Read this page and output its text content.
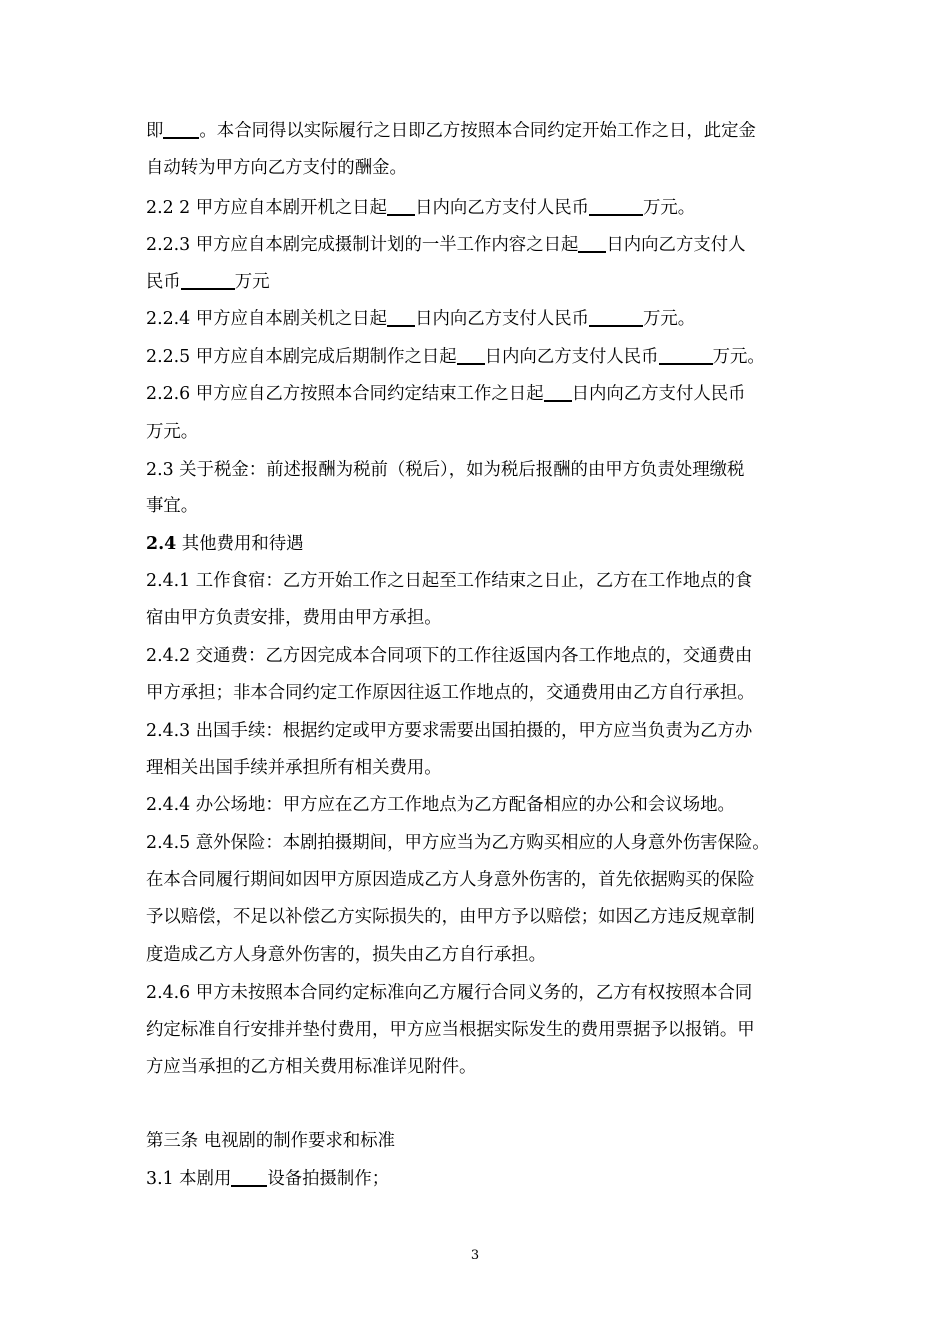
即 。本合同得以实际履行之日即乙方按照本合同约定开始工作之日，此定金
自动转为甲方向乙方支付的酬金。
2.2 2 甲方应自本剧开机之日起 日内向乙方支付人民币	万元。
2.2.3 甲方应自本剧完成摄制计划的一半工作内容之日起 日内向乙方支付人
民币	万元
2.2.4 甲方应自本剧关机之日起 日内向乙方支付人民币	万元。
2.2.5 甲方应自本剧完成后期制作之日起 日内向乙方支付人民币	万元。
2.2.6 甲方应自乙方按照本合同约定结束工作之日起 日内向乙方支付人民币
万元。
2.3 关于税金：前述报酬为税前（税后），如为税后报酬的由甲方负责处理缴税
事宜。
2.4 其他费用和待遇
2.4.1 工作食宿：乙方开始工作之日起至工作结束之日止，乙方在工作地点的食
宿由甲方负责安排，费用由甲方承担。
2.4.2 交通费：乙方因完成本合同项下的工作往返国内各工作地点的，交通费由
甲方承担；非本合同约定工作原因往返工作地点的，交通费用由乙方自行承担。
2.4.3 出国手续：根据约定或甲方要求需要出国拍摄的，甲方应当负责为乙方办
理相关出国手续并承担所有相关费用。
2.4.4 办公场地：甲方应在乙方工作地点为乙方配备相应的办公和会议场地。
2.4.5 意外保险：本剧拍摄期间，甲方应当为乙方购买相应的人身意外伤害保险。
在本合同履行期间如因甲方原因造成乙方人身意外伤害的，首先依据购买的保险
予以赔偿，不足以补偿乙方实际损失的，由甲方予以赔偿；如因乙方违反规章制
度造成乙方人身意外伤害的，损失由乙方自行承担。
2.4.6 甲方未按照本合同约定标准向乙方履行合同义务的，乙方有权按照本合同
约定标准自行安排并垫付费用，甲方应当根据实际发生的费用票据予以报销。甲
方应当承担的乙方相关费用标准详见附件。
第三条 电视剧的制作要求和标准
3.1 本剧用 设备拍摄制作；
3
